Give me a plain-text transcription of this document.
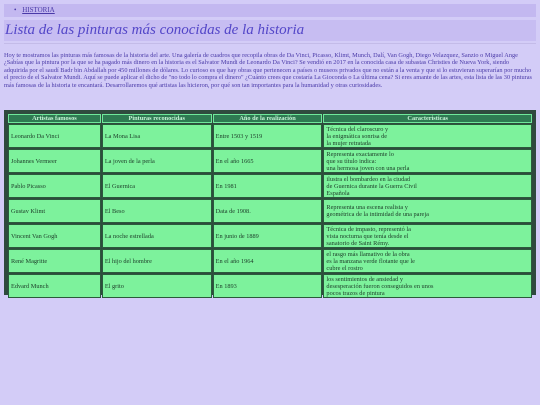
• HISTORIA
Lista de las pinturas más conocidas de la historia

Hoy te mostramos las pinturas más famosas de la historia del arte. Una galería de cuadros que recopila obras de Da Vinci, Picasso, Klimt, Munch, Dalí, Van Gogh, Diego Velazquez, Sanzio o Miguel Ange ¿Sabías que la pintura por la que se ha pagado más dinero en la historia es el Salvator Mundi de Leonardo Da Vinci? Se vendió en 2017 en la conocida casa de subastas Christies de Nueva York, siendo adquirida por el saudí Badr bin Abdallah por 450 millones de dólares. Lo curioso es que hay obras que pertenecen a países o museos privados que no están a la venta y que si lo estuvieran superarían por mucho el precio de el Salvator Mundi. Aquí se puede aplicar el dicho de "no todo lo compra el dinero" ¿Cuánto crees que costaría La Gioconda o La última cena? Si eres amante de las artes, esta lista de las 30 pinturas más famosas de la historia te encantará. Desarrollaremos qué artistas las hicieron, por qué son tan importantes para la humanidad y otras curiosidades.

Artistas famosos	Pinturas reconocidas	Año de la realización	Caracteristicas
Leonardo Da Vinci	La Mona Lisa	Entre 1503 y 1519	Técnica del claroscuro y
la enigmática sonrisa de
la mujer retratada

Johannes Vermeer	La joven de la perla	En el año 1665	Representa exactamente lo
que su título indica:
una hermosa joven con una perla

Pablo Picasso	El Guernica	En 1981	ilustra el bombardeo en la ciudad
de Guernica durante la Guerra Civil
Española

Gustav Klimt	El Beso	Data de 1908.	Representa una escena realista y
geométrica de la intimidad de una pareja

Vincent Van Gogh	La noche estrellada	En junio de 1889	Técnica de impasto, representó la
vista nocturna que tenía desde el
sanatorio de Saint Rémy.

René Magritte	El hijo del hombre	En el año 1964	el rasgo más llamativo de la obra
es la manzana verde flotante que le
cubre el rostro

Edvard Munch	El grito	En 1893	los sentimientos de ansiedad y
desesperación fueron conseguidos en unos
pocos trazos de pintura
